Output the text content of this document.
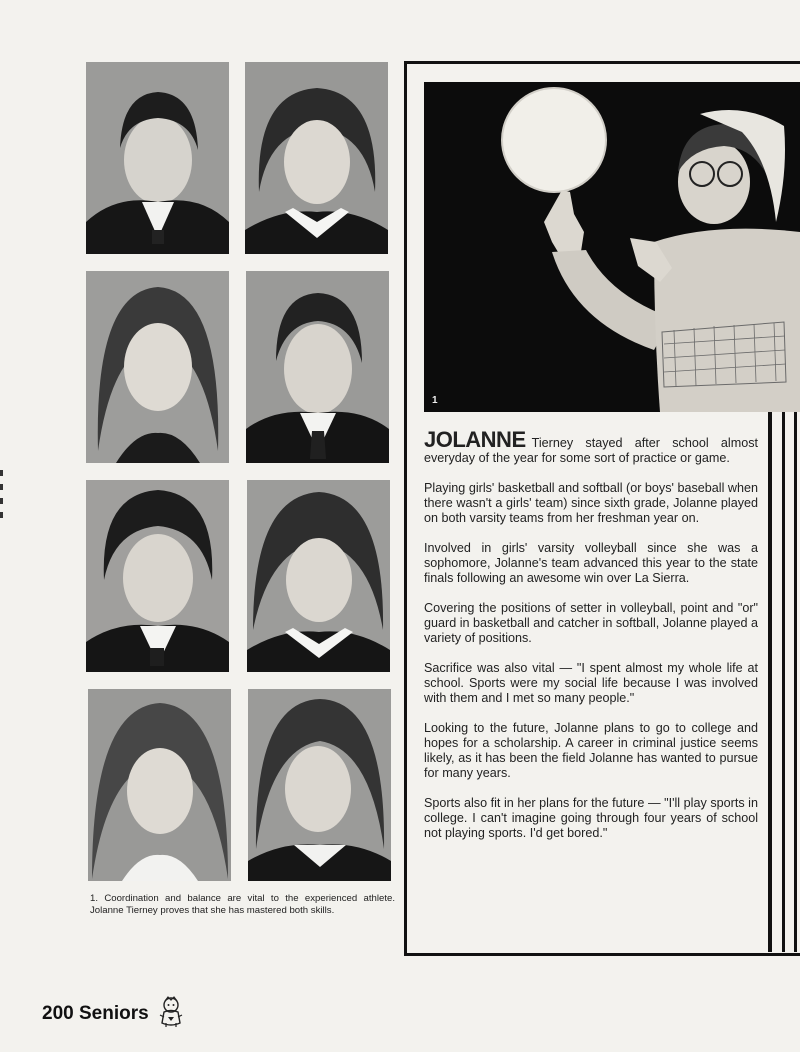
1

JOLANNE Tierney stayed after school almost everyday of the year for some sort of practice or game.

Playing girls' basketball and softball (or boys' baseball when there wasn't a girls' team) since sixth grade, Jolanne played on both varsity teams from her freshman year on.

Involved in girls' varsity volleyball since she was a sophomore, Jolanne's team advanced this year to the state finals following an awesome win over La Sierra.

Covering the positions of setter in volleyball, point and "or" guard in basketball and catcher in softball, Jolanne played a variety of positions.

Sacrifice was also vital — "I spent almost my whole life at school. Sports were my social life because I was involved with them and I met so many people."

Looking to the future, Jolanne plans to go to college and hopes for a scholarship. A career in criminal justice seems likely, as it has been the field Jolanne has wanted to pursue for many years.

Sports also fit in her plans for the future — "I'll play sports in college. I can't imagine going through four years of school not playing sports. I'd get bored."

1. Coordination and balance are vital to the experienced athlete. Jolanne Tierney proves that she has mastered both skills.
200 Seniors
